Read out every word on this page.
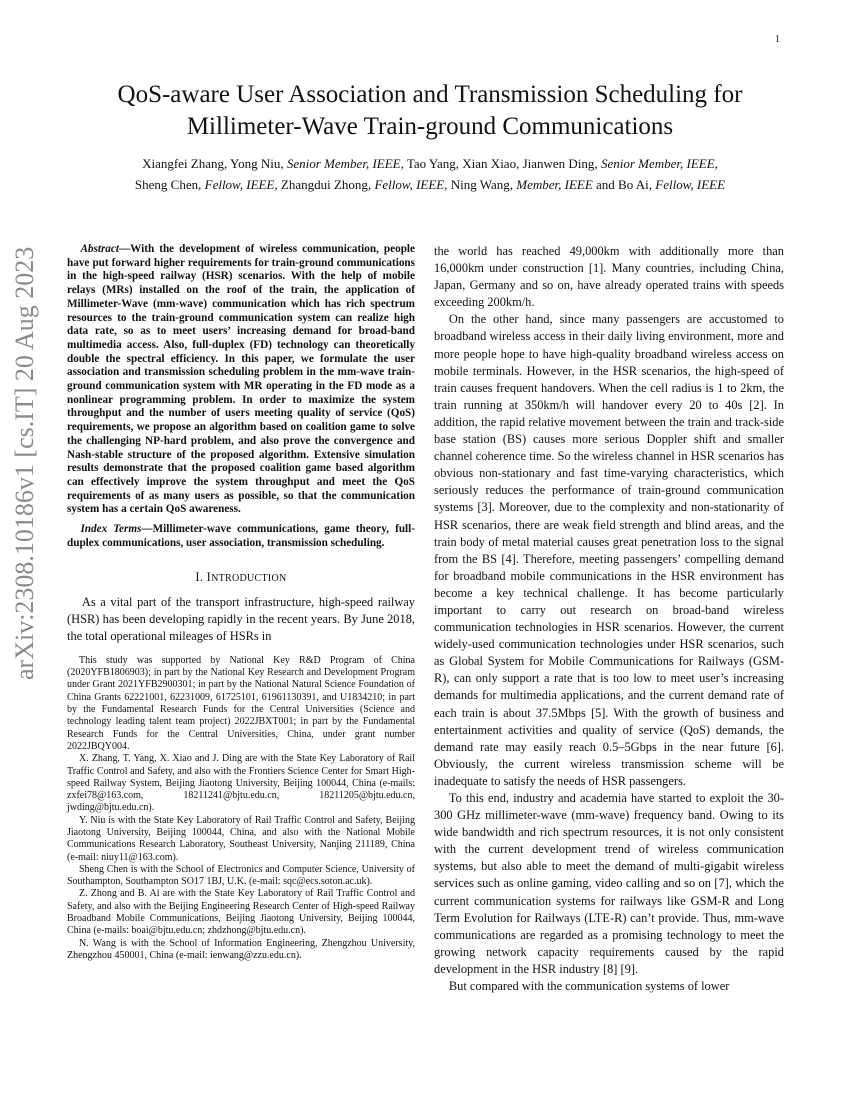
1
arXiv:2308.10186v1 [cs.IT] 20 Aug 2023
QoS-aware User Association and Transmission Scheduling for Millimeter-Wave Train-ground Communications
Xiangfei Zhang, Yong Niu, Senior Member, IEEE, Tao Yang, Xian Xiao, Jianwen Ding, Senior Member, IEEE,
Sheng Chen, Fellow, IEEE, Zhangdui Zhong, Fellow, IEEE, Ning Wang, Member, IEEE and Bo Ai, Fellow, IEEE

Abstract—With the development of wireless communication, people have put forward higher requirements for train-ground communications in the high-speed railway (HSR) scenarios. With the help of mobile relays (MRs) installed on the roof of the train, the application of Millimeter-Wave (mm-wave) communication which has rich spectrum resources to the train-ground communication system can realize high data rate, so as to meet users’ increasing demand for broad-band multimedia access. Also, full-duplex (FD) technology can theoretically double the spectral efficiency. In this paper, we formulate the user association and transmission scheduling problem in the mm-wave train-ground communication system with MR operating in the FD mode as a nonlinear programming problem. In order to maximize the system throughput and the number of users meeting quality of service (QoS) requirements, we propose an algorithm based on coalition game to solve the challenging NP-hard problem, and also prove the convergence and Nash-stable structure of the proposed algorithm. Extensive simulation results demonstrate that the proposed coalition game based algorithm can effectively improve the system throughput and meet the QoS requirements of as many users as possible, so that the communication system has a certain QoS awareness.

Index Terms—Millimeter-wave communications, game theory, full-duplex communications, user association, transmission scheduling.

I. INTRODUCTION

As a vital part of the transport infrastructure, high-speed railway (HSR) has been developing rapidly in the recent years. By June 2018, the total operational mileages of HSRs in

This study was supported by National Key R&D Program of China (2020YFB1806903); in part by the National Key Research and Development Program under Grant 2021YFB2900301; in part by the National Natural Science Foundation of China Grants 62221001, 62231009, 61725101, 61961130391, and U1834210; in part by the Fundamental Research Funds for the Central Universities (Science and technology leading talent team project) 2022JBXT001; in part by the Fundamental Research Funds for the Central Universities, China, under grant number 2022JBQY004.
X. Zhang, T. Yang, X. Xiao and J. Ding are with the State Key Laboratory of Rail Traffic Control and Safety, and also with the Frontiers Science Center for Smart High-speed Railway System, Beijing Jiaotong University, Beijing 100044, China (e-mails: zxfei78@163.com, 18211241@bjtu.edu.cn, 18211205@bjtu.edu.cn, jwding@bjtu.edu.cn).
Y. Niu is with the State Key Laboratory of Rail Traffic Control and Safety, Beijing Jiaotong University, Beijing 100044, China, and also with the National Mobile Communications Research Laboratory, Southeast University, Nanjing 211189, China (e-mail: niuy11@163.com).
Sheng Chen is with the School of Electronics and Computer Science, University of Southampton, Southampton SO17 1BJ, U.K. (e-mail: sqc@ecs.soton.ac.uk).
Z. Zhong and B. Ai are with the State Key Laboratory of Rail Traffic Control and Safety, and also with the Beijing Engineering Research Center of High-speed Railway Broadband Mobile Communications, Beijing Jiaotong University, Beijing 100044, China (e-mails: boai@bjtu.edu.cn; zhdzhong@bjtu.edu.cn).
N. Wang is with the School of Information Engineering, Zhengzhou University, Zhengzhou 450001, China (e-mail: ienwang@zzu.edu.cn).

the world has reached 49,000km with additionally more than 16,000km under construction [1]. Many countries, including China, Japan, Germany and so on, have already operated trains with speeds exceeding 200km/h.

On the other hand, since many passengers are accustomed to broadband wireless access in their daily living environment, more and more people hope to have high-quality broadband wireless access on mobile terminals. However, in the HSR scenarios, the high-speed of train causes frequent handovers. When the cell radius is 1 to 2km, the train running at 350km/h will handover every 20 to 40s [2]. In addition, the rapid relative movement between the train and track-side base station (BS) causes more serious Doppler shift and smaller channel coherence time. So the wireless channel in HSR scenarios has obvious non-stationary and fast time-varying characteristics, which seriously reduces the performance of train-ground communication systems [3]. Moreover, due to the complexity and non-stationarity of HSR scenarios, there are weak field strength and blind areas, and the train body of metal material causes great penetration loss to the signal from the BS [4]. Therefore, meeting passengers’ compelling demand for broadband mobile communications in the HSR environment has become a key technical challenge. It has become particularly important to carry out research on broad-band wireless communication technologies in HSR scenarios. However, the current widely-used communication technologies under HSR scenarios, such as Global System for Mobile Communications for Railways (GSM-R), can only support a rate that is too low to meet user’s increasing demands for multimedia applications, and the current demand rate of each train is about 37.5Mbps [5]. With the growth of business and entertainment activities and quality of service (QoS) demands, the demand rate may easily reach 0.5–5Gbps in the near future [6]. Obviously, the current wireless transmission scheme will be inadequate to satisfy the needs of HSR passengers.

To this end, industry and academia have started to exploit the 30-300 GHz millimeter-wave (mm-wave) frequency band. Owing to its wide bandwidth and rich spectrum resources, it is not only consistent with the current development trend of wireless communication systems, but also able to meet the demand of multi-gigabit wireless services such as online gaming, video calling and so on [7], which the current communication systems for railways like GSM-R and Long Term Evolution for Railways (LTE-R) can’t provide. Thus, mm-wave communications are regarded as a promising technology to meet the growing network capacity requirements caused by the rapid development in the HSR industry [8] [9].

But compared with the communication systems of lower
